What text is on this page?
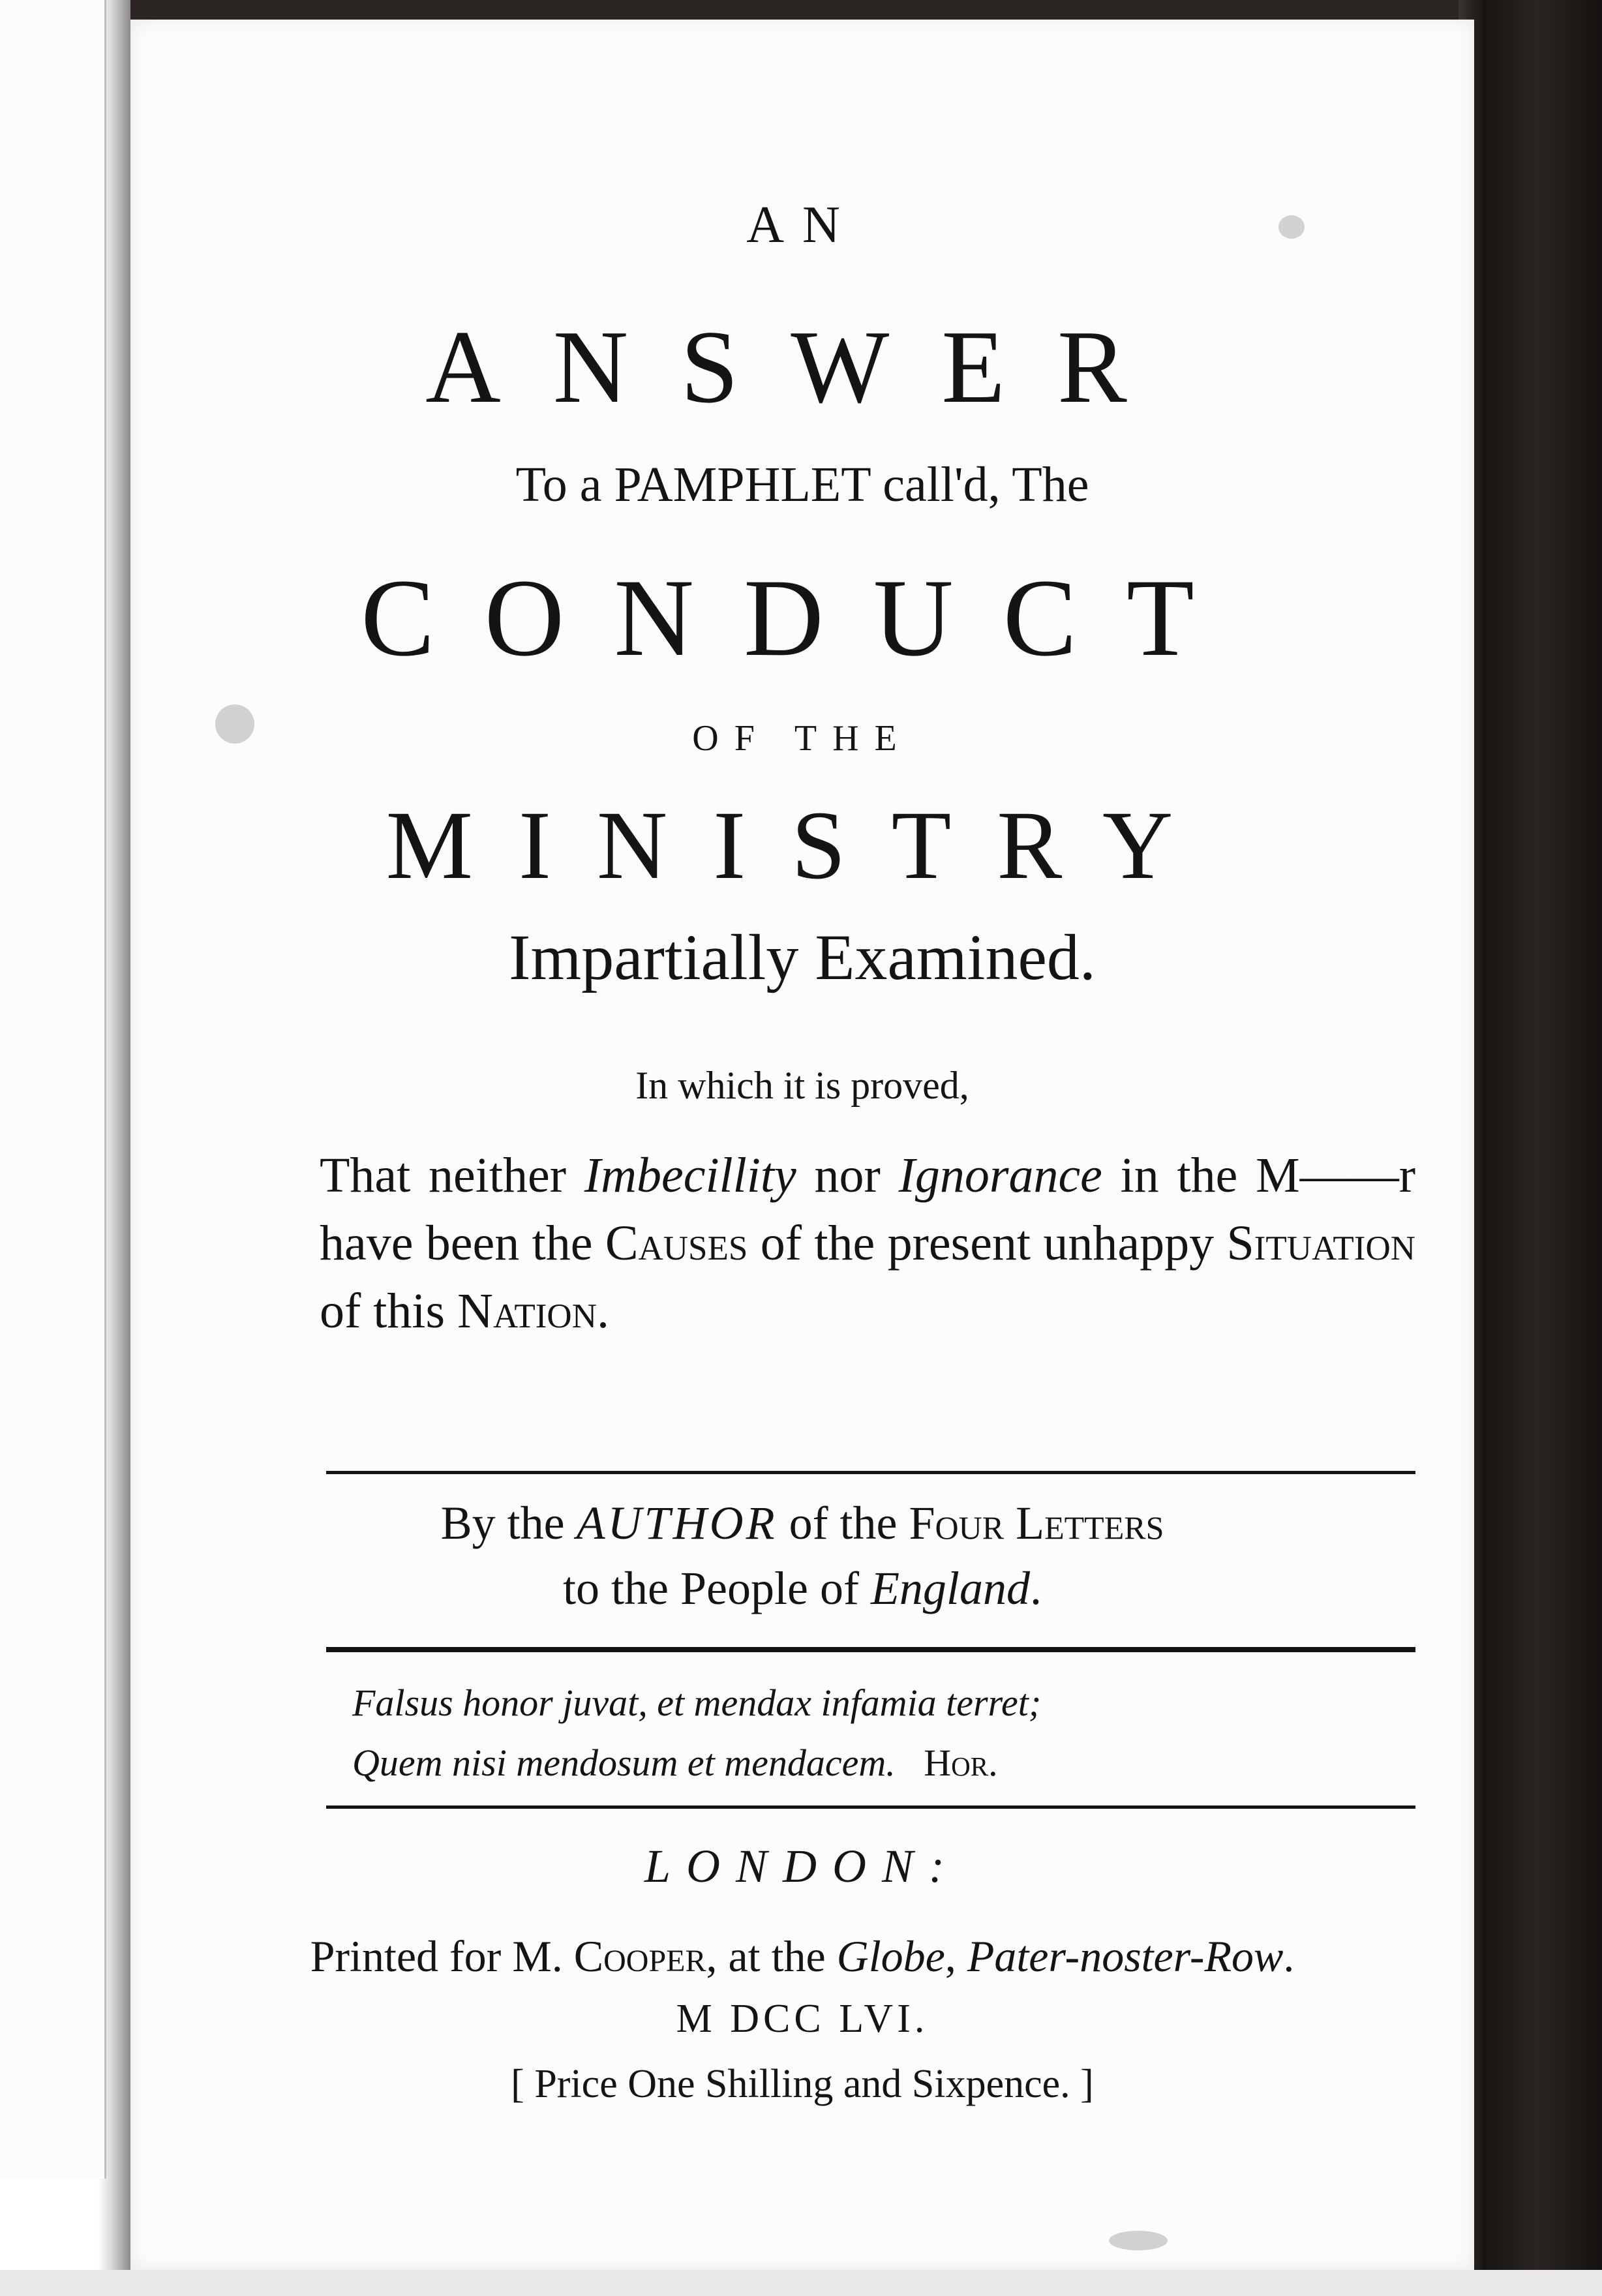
AN
ANSWER
To a PAMPHLET call'd, The
CONDUCT
OF THE
MINISTRY
Impartially Examined.
In which it is proved,
That neither Imbecillity nor Ignorance in the M——r have been the Causes of the present unhappy Situation of this Nation.
By the AUTHOR of the Four Letters
to the People of England.
Falsus honor juvat, et mendax infamia terret;
Quem nisi mendosum et mendacem. Hor.
LONDON:
Printed for M. Cooper, at the Globe, Pater-noster-Row.
M DCC LVI.
[ Price One Shilling and Sixpence. ]
